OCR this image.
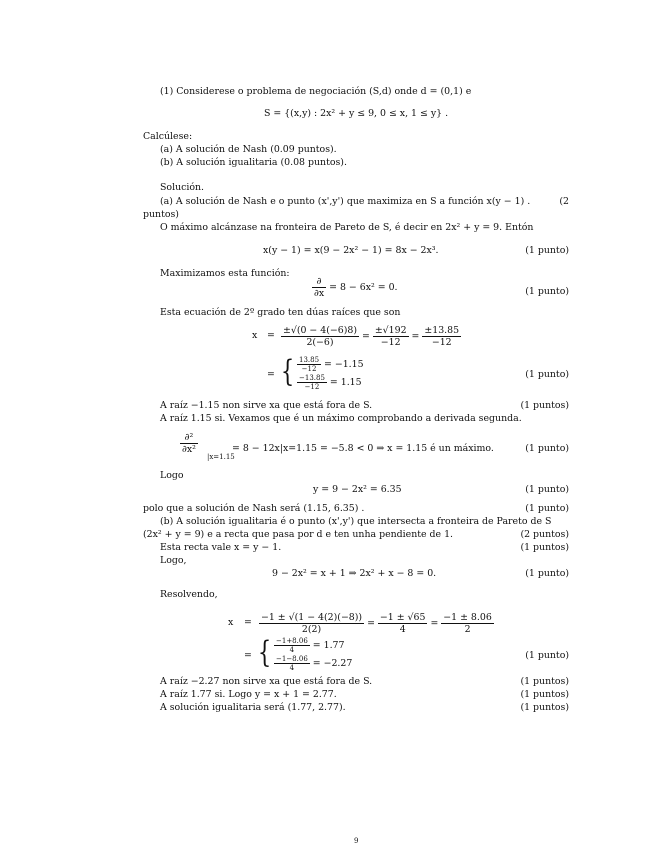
(1) Considerese o problema de negociación (S,d) onde d = (0,1) e
S = {(x,y) : 2x² + y ≤ 9, 0 ≤ x, 1 ≤ y} .
Calcúlese:
(a) A solución de Nash (0.09 puntos).
(b) A solución igualitaria (0.08 puntos).
Solución.
(a) A solución de Nash e o punto (x',y') que maximiza en S a función x(y − 1) .	(2
puntos)
O máximo alcánzase na fronteira de Pareto de S, é decir en 2x² + y = 9. Entón
x(y − 1) = x(9 − 2x² − 1) = 8x − 2x³.	(1 punto)
Maximizamos esta función:
$\frac{\partial}{\partial x} = 8 - 6x^2 = 0$.	(1 punto)
Esta ecuación de 2º grado ten dúas raíces que son
$x = \frac{\pm√(0 - 4(-6)8)}{2(-6)} = \frac{\pm√192}{-12} = \frac{\pm 13.85}{-12}$
= { $\frac{13.85}{-12} = -1.15$
$\frac{-13.85}{-12} = 1.15$
(1 punto)
A raíz −1.15 non sirve xa que está fora de S.	(1 puntos)
A raíz 1.15 si. Vexamos que é un máximo comprobando a derivada segunda.
$\frac{\text{∂²}}{\text{∂x²}}$
|x=1.15
= 8 − 12x|x=1.15 = −5.8 < 0 ⇒ x = 1.15 é un máximo.	(1 punto)
Logo
y = 9 − 2x² = 6.35	(1 punto)
polo que a solución de Nash será (1.15, 6.35) .	(1 punto)
(b) A solución igualitaria é o punto (x',y') que intersecta a fronteira de Pareto de S
(2x² + y = 9) e a recta que pasa por d e ten unha pendiente de 1.	(2 puntos)
Esta recta vale x = y − 1.	(1 puntos)
Logo,
9 − 2x² = x + 1 ⇒ 2x² + x − 8 = 0.	(1 punto)
Resolvendo,
$x = \frac{-1 \pm √(1 - 4(2)(-8))}{2(2)} = \frac{-1 \pm √65}{4} = \frac{-1 \pm 8.06}{2}$
= { $\frac{-1+8.06}{4} = 1.77$
$\frac{-1-8.06}{4} = -2.27$
(1 punto)
A raíz −2.27 non sirve xa que está fora de S.	(1 puntos)
A raíz 1.77 si. Logo y = x + 1 = 2.77.	(1 puntos)
A solución igualitaria será (1.77, 2.77).	(1 puntos)
9
